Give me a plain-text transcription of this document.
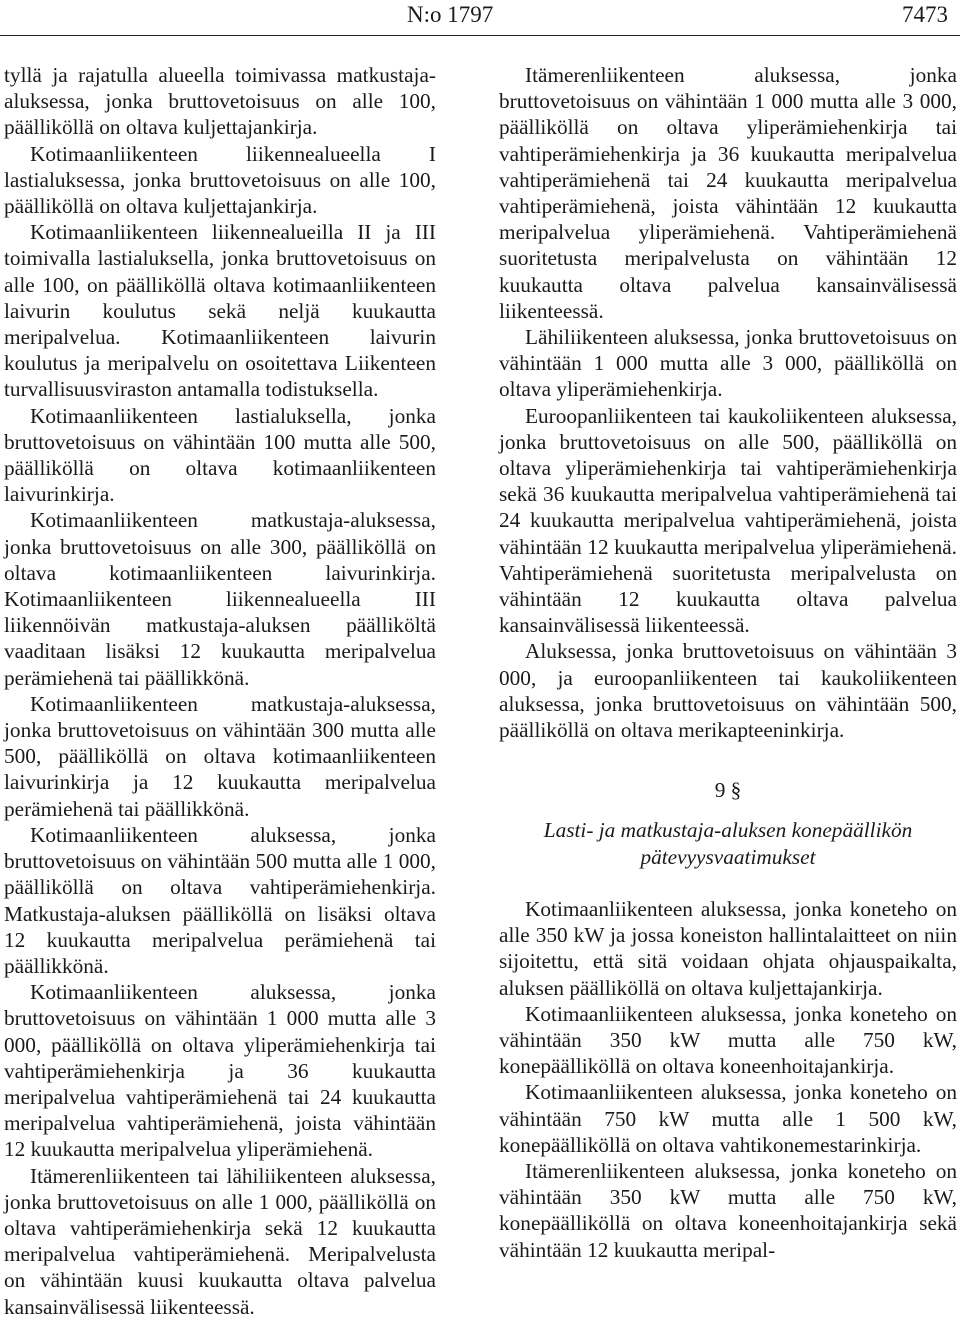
N:o 1797	7473

tyllä ja rajatulla alueella toimivassa matkustaja-aluksessa, jonka bruttovetoisuus on alle 100, päälliköllä on oltava kuljettajankirja.

Kotimaanliikenteen liikennealueella I lastialuksessa, jonka bruttovetoisuus on alle 100, päälliköllä on oltava kuljettajankirja.

Kotimaanliikenteen liikennealueilla II ja III toimivalla lastialuksella, jonka bruttovetoisuus on alle 100, on päälliköllä oltava kotimaanliikenteen laivurin koulutus sekä neljä kuukautta meripalvelua. Kotimaanliikenteen laivurin koulutus ja meripalvelu on osoitettava Liikenteen turvallisuusviraston antamalla todistuksella.

Kotimaanliikenteen lastialuksella, jonka bruttovetoisuus on vähintään 100 mutta alle 500, päälliköllä on oltava kotimaanliikenteen laivurinkirja.

Kotimaanliikenteen matkustaja-aluksessa, jonka bruttovetoisuus on alle 300, päälliköllä on oltava kotimaanliikenteen laivurinkirja. Kotimaanliikenteen liikennealueella III liikennöivän matkustaja-aluksen päälliköltä vaaditaan lisäksi 12 kuukautta meripalvelua perämiehenä tai päällikkönä.

Kotimaanliikenteen matkustaja-aluksessa, jonka bruttovetoisuus on vähintään 300 mutta alle 500, päälliköllä on oltava kotimaanliikenteen laivurinkirja ja 12 kuukautta meripalvelua perämiehenä tai päällikkönä.

Kotimaanliikenteen aluksessa, jonka bruttovetoisuus on vähintään 500 mutta alle 1 000, päälliköllä on oltava vahtiperämiehenkirja. Matkustaja-aluksen päälliköllä on lisäksi oltava 12 kuukautta meripalvelua perämiehenä tai päällikkönä.

Kotimaanliikenteen aluksessa, jonka bruttovetoisuus on vähintään 1 000 mutta alle 3 000, päälliköllä on oltava yliperämiehenkirja tai vahtiperämiehenkirja ja 36 kuukautta meripalvelua vahtiperämiehenä tai 24 kuukautta meripalvelua vahtiperämiehenä, joista vähintään 12 kuukautta meripalvelua yliperämiehenä.

Itämerenliikenteen tai lähiliikenteen aluksessa, jonka bruttovetoisuus on alle 1 000, päälliköllä on oltava vahtiperämiehenkirja sekä 12 kuukautta meripalvelua vahtiperämiehenä. Meripalvelusta on vähintään kuusi kuukautta oltava palvelua kansainvälisessä liikenteessä.

Itämerenliikenteen aluksessa, jonka bruttovetoisuus on vähintään 1 000 mutta alle 3 000, päälliköllä on oltava yliperämiehenkirja tai vahtiperämiehenkirja ja 36 kuukautta meripalvelua vahtiperämiehenä tai 24 kuukautta meripalvelua vahtiperämiehenä, joista vähintään 12 kuukautta meripalvelua yliperämiehenä. Vahtiperämiehenä suoritetusta meripalvelusta on vähintään 12 kuukautta oltava palvelua kansainvälisessä liikenteessä.

Lähiliikenteen aluksessa, jonka bruttovetoisuus on vähintään 1 000 mutta alle 3 000, päälliköllä on oltava yliperämiehenkirja.

Euroopanliikenteen tai kaukoliikenteen aluksessa, jonka bruttovetoisuus on alle 500, päälliköllä on oltava yliperämiehenkirja tai vahtiperämiehenkirja sekä 36 kuukautta meripalvelua vahtiperämiehenä tai 24 kuukautta meripalvelua vahtiperämiehenä, joista vähintään 12 kuukautta meripalvelua yliperämiehenä. Vahtiperämiehenä suoritetusta meripalvelusta on vähintään 12 kuukautta oltava palvelua kansainvälisessä liikenteessä.

Aluksessa, jonka bruttovetoisuus on vähintään 3 000, ja euroopanliikenteen tai kaukoliikenteen aluksessa, jonka bruttovetoisuus on vähintään 500, päälliköllä on oltava merikapteeninkirja.

9 §
Lasti- ja matkustaja-aluksen konepäällikön pätevyysvaatimukset

Kotimaanliikenteen aluksessa, jonka koneteho on alle 350 kW ja jossa koneiston hallintalaitteet on niin sijoitettu, että sitä voidaan ohjata ohjauspaikalta, aluksen päälliköllä on oltava kuljettajankirja.

Kotimaanliikenteen aluksessa, jonka koneteho on vähintään 350 kW mutta alle 750 kW, konepäälliköllä on oltava koneenhoitajankirja.

Kotimaanliikenteen aluksessa, jonka koneteho on vähintään 750 kW mutta alle 1 500 kW, konepäälliköllä on oltava vahtikonemestarinkirja.

Itämerenliikenteen aluksessa, jonka koneteho on vähintään 350 kW mutta alle 750 kW, konepäälliköllä on oltava koneenhoitajankirja sekä vähintään 12 kuukautta meripal-
